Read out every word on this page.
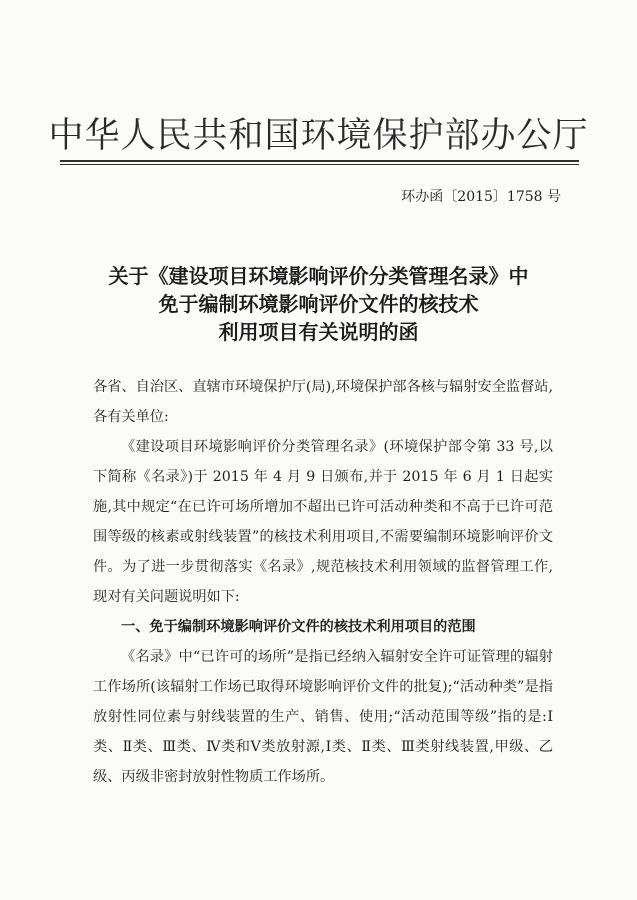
中华人民共和国环境保护部办公厅
环办函〔2015〕1758 号
关于《建设项目环境影响评价分类管理名录》中
免于编制环境影响评价文件的核技术
利用项目有关说明的函

各省、自治区、直辖市环境保护厅(局),环境保护部各核与辐射安全监督站,各有关单位:

《建设项目环境影响评价分类管理名录》(环境保护部令第 33 号,以下简称《名录》)于 2015 年 4 月 9 日颁布,并于 2015 年 6 月 1 日起实施,其中规定“在已许可场所增加不超出已许可活动种类和不高于已许可范围等级的核素或射线装置”的核技术利用项目,不需要编制环境影响评价文件。为了进一步贯彻落实《名录》,规范核技术利用领域的监督管理工作,现对有关问题说明如下:

一、免于编制环境影响评价文件的核技术利用项目的范围

《名录》中“已许可的场所”是指已经纳入辐射安全许可证管理的辐射工作场所(该辐射工作场已取得环境影响评价文件的批复);“活动种类”是指放射性同位素与射线装置的生产、销售、使用;“活动范围等级”指的是:Ⅰ类、Ⅱ类、Ⅲ类、Ⅳ类和Ⅴ类放射源,Ⅰ类、Ⅱ类、Ⅲ类射线装置,甲级、乙级、丙级非密封放射性物质工作场所。
